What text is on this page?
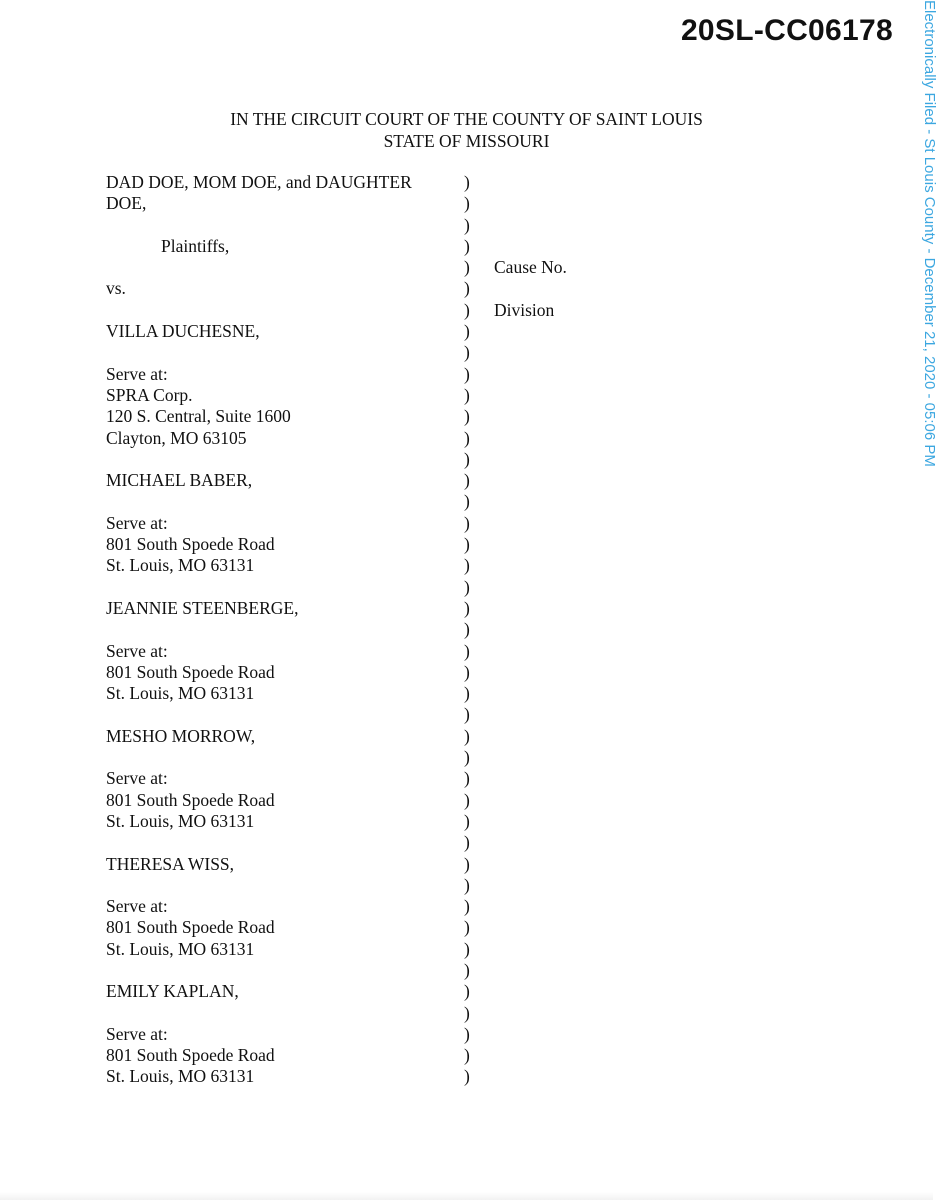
20SL-CC06178 Electronically Filed - St Louis County - December 21, 2020 - 05:06 PM
IN THE CIRCUIT COURT OF THE COUNTY OF SAINT LOUIS
STATE OF MISSOURI
DAD DOE, MOM DOE, and DAUGHTER
DOE,
Plaintiffs,
vs.
VILLA DUCHESNE,
Serve at:
SPRA Corp.
120 S. Central, Suite 1600
Clayton, MO 63105
MICHAEL BABER,
Serve at:
801 South Spoede Road
St. Louis, MO 63131
JEANNIE STEENBERGE,
Serve at:
801 South Spoede Road
St. Louis, MO 63131
MESHO MORROW,
Serve at:
801 South Spoede Road
St. Louis, MO 63131
THERESA WISS,
Serve at:
801 South Spoede Road
St. Louis, MO 63131
EMILY KAPLAN,
Serve at:
801 South Spoede Road
St. Louis, MO 63131
)
)
)
)
)
)
)
)
)
)
)
)
)
)
)
)
)
)
)
)
)
)
)
)
)
)
)
)
)
)
)
)
)
)
)
)
)
)
)
)
)
)
)
Cause No.
Division
